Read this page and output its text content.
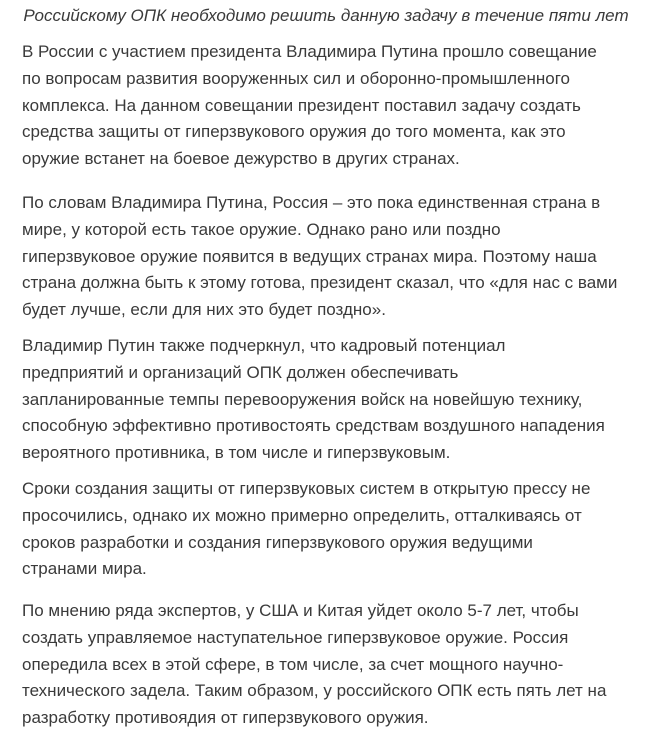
Российскому ОПК необходимо решить данную задачу в течение пяти лет

В России с участием президента Владимира Путина прошло совещание
по вопросам развития вооруженных сил и оборонно-промышленного
комплекса. На данном совещании президент поставил задачу создать
средства защиты от гиперзвукового оружия до того момента, как это
оружие встанет на боевое дежурство в других странах.

По словам Владимира Путина, Россия – это пока единственная страна в
мире, у которой есть такое оружие. Однако рано или поздно
гиперзвуковое оружие появится в ведущих странах мира. Поэтому наша
страна должна быть к этому готова, президент сказал, что «для нас с вами
будет лучше, если для них это будет поздно».

Владимир Путин также подчеркнул, что кадровый потенциал
предприятий и организаций ОПК должен обеспечивать
запланированные темпы перевооружения войск на новейшую технику,
способную эффективно противостоять средствам воздушного нападения
вероятного противника, в том числе и гиперзвуковым.

Сроки создания защиты от гиперзвуковых систем в открытую прессу не
просочились, однако их можно примерно определить, отталкиваясь от
сроков разработки и создания гиперзвукового оружия ведущими
странами мира.

По мнению ряда экспертов, у США и Китая уйдет около 5-7 лет, чтобы
создать управляемое наступательное гиперзвуковое оружие. Россия
опередила всех в этой сфере, в том числе, за счет мощного научно-
технического задела. Таким образом, у российского ОПК есть пять лет на
разработку противоядия от гиперзвукового оружия.
